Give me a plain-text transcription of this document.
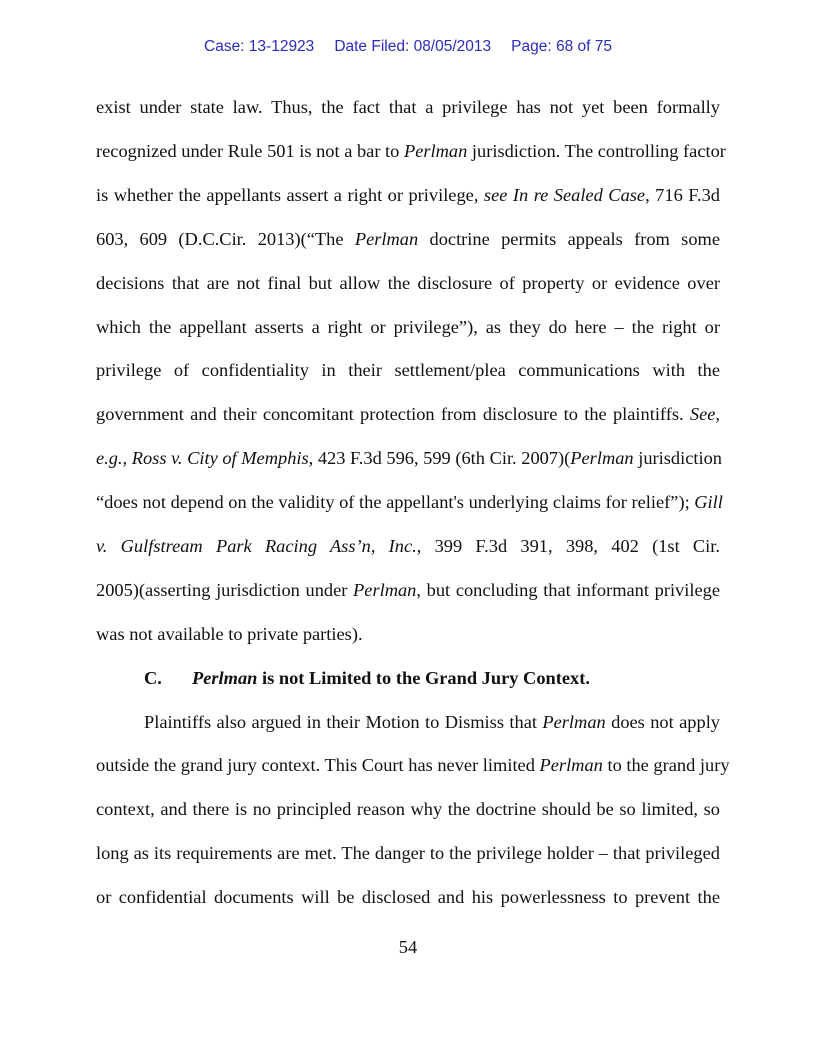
Case: 13-12923 Date Filed: 08/05/2013 Page: 68 of 75
exist under state law. Thus, the fact that a privilege has not yet been formally
recognized under Rule 501 is not a bar to Perlman jurisdiction. The controlling factor
is whether the appellants assert a right or privilege, see In re Sealed Case, 716 F.3d
603, 609 (D.C.Cir. 2013)(“The Perlman doctrine permits appeals from some
decisions that are not final but allow the disclosure of property or evidence over
which the appellant asserts a right or privilege”), as they do here – the right or
privilege of confidentiality in their settlement/plea communications with the
government and their concomitant protection from disclosure to the plaintiffs. See,
e.g., Ross v. City of Memphis, 423 F.3d 596, 599 (6th Cir. 2007)(Perlman jurisdiction
“does not depend on the validity of the appellant's underlying claims for relief”); Gill
v. Gulfstream Park Racing Ass’n, Inc., 399 F.3d 391, 398, 402 (1st Cir.
2005)(asserting jurisdiction under Perlman, but concluding that informant privilege
was not available to private parties).
C. Perlman is not Limited to the Grand Jury Context.
Plaintiffs also argued in their Motion to Dismiss that Perlman does not apply
outside the grand jury context. This Court has never limited Perlman to the grand jury
context, and there is no principled reason why the doctrine should be so limited, so
long as its requirements are met. The danger to the privilege holder – that privileged
or confidential documents will be disclosed and his powerlessness to prevent the
54
